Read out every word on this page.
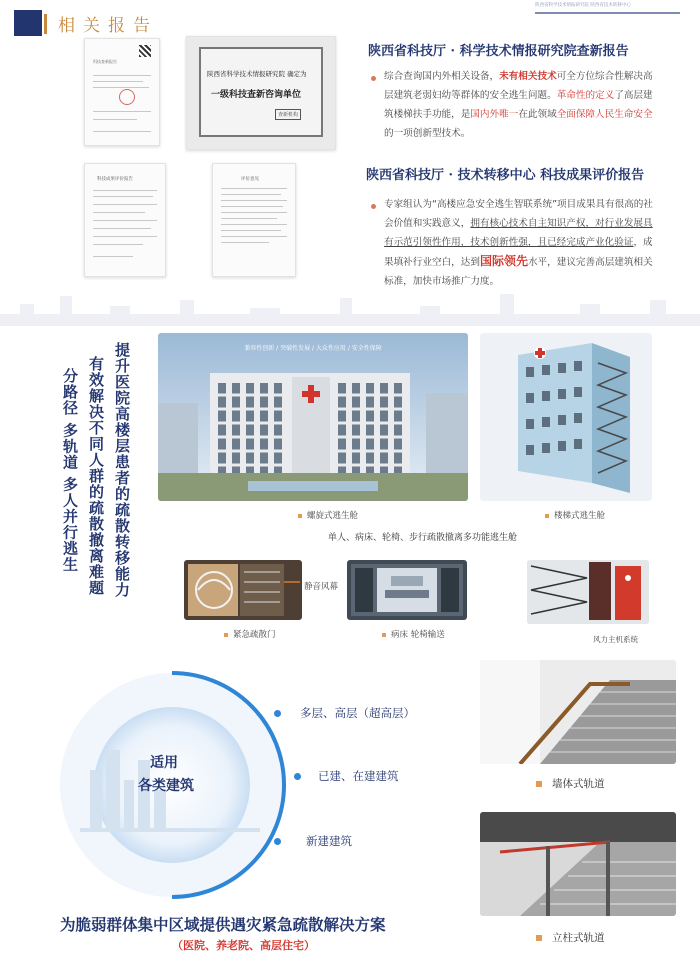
相关报告
陕西省科学技术情报研究院 陕西省技术转移中心
科技查新报告
陕西省科学技术情报研究院 确定为
一级科技查新咨询单位
查新机构
科技成果评价报告	评价意见
陕西省科技厅 · 科学技术情报研究院查新报告
综合查询国内外相关设备，未有相关技术可全方位综合性解决高层建筑老弱妇幼等群体的安全逃生问题。革命性的定义了高层建筑楼梯扶手功能，是国内外唯一在此领域全面保障人民生命安全的一项创新型技术。
陕西省科技厅 · 技术转移中心 科技成果评价报告
专家组认为“高楼应急安全逃生智联系统”项目成果具有很高的社会价值和实践意义，拥有核心技术自主知识产权，对行业发展具有示范引领性作用，技术创新性强，且已经完成产业化验证，成果填补行业空白，达到国际领先水平，建议完善高层建筑相关标准，加快市场推广力度。
提升医院高楼层患者的疏散转移能力
有效解决不同人群的疏散撤离难题
分路径 多轨道 多人并行逃生
兼容性创新 / 突破性发展 / 大众性应用 / 安全性保障
螺旋式逃生舱	楼梯式逃生舱
单人、病床、轮椅、步行疏散撤离多功能逃生舱
静音风幕
紧急疏散门	病床 轮椅输送	风力主机系统
适用
各类建筑
多层、高层（超高层）
已建、在建建筑
新建建筑
为脆弱群体集中区域提供遇灾紧急疏散解决方案
（医院、养老院、高层住宅）
墙体式轨道
立柱式轨道
